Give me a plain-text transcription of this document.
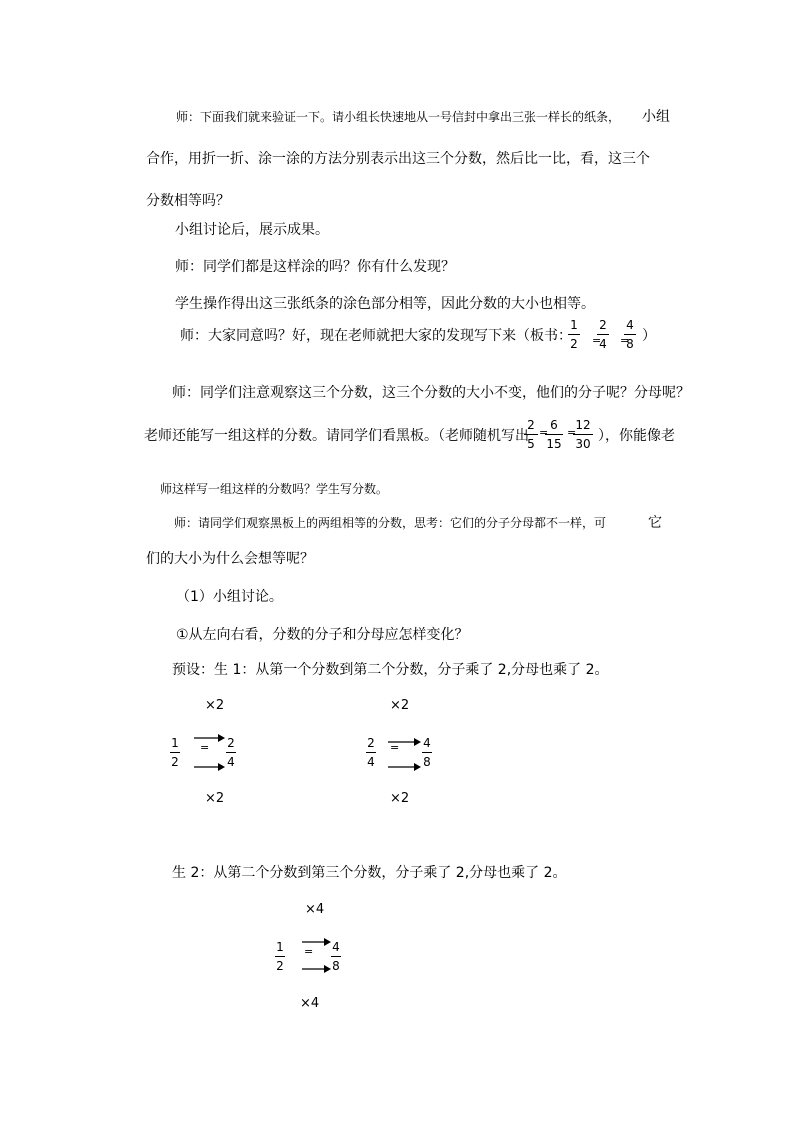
师：下面我们就来验证一下。请小组长快速地从一号信封中拿出三张一样长的纸条， 小组
合作，用折一折、涂一涂的方法分别表示出这三个分数，然后比一比，看，这三个
分数相等吗？
小组讨论后，展示成果。
师：同学们都是这样涂的吗？你有什么发现？
学生操作得出这三张纸条的涂色部分相等，因此分数的大小也相等。
师：大家同意吗？好，现在老师就把大家的发现写下来（板书：
1
2 =
2
4 =
4
8 ）
师：同学们注意观察这三个分数，这三个分数的大小不变，他们的分子呢？分母呢？
老师还能写一组这样的分数。请同学们看黑板。（老师随机写出
2
5
=
6
15
=
12
30 ），你能像老
师这样写一组这样的分数吗？学生写分数。
师：请同学们观察黑板上的两组相等的分数，思考：它们的分子分母都不一样，可	它
们的大小为什么会想等呢？
（1）小组讨论。
①从左向右看，分数的分子和分母应怎样变化？
预设：生 1：从第一个分数到第二个分数，分子乘了 2,分母也乘了 2。
×2
1
2
= 2
4
×2
×2
2
4
= 4
8
×2
生 2：从第二个分数到第三个分数，分子乘了 2,分母也乘了 2。
×4
1
2
= 4
8
×4
